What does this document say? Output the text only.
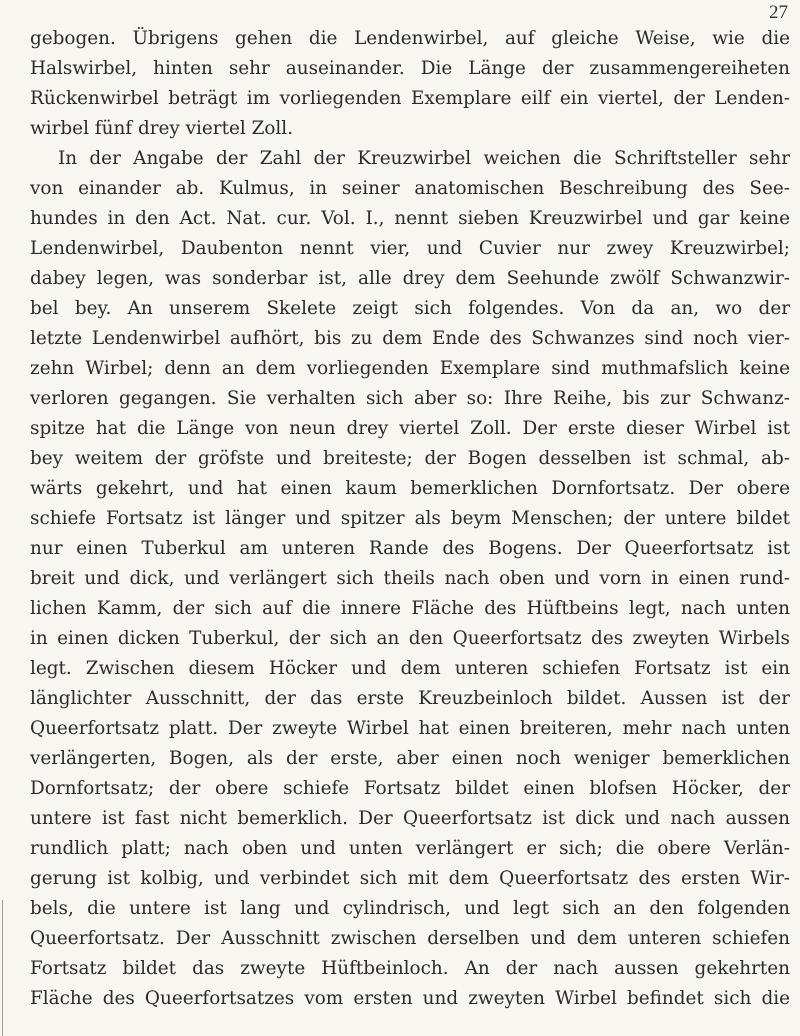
27
gebogen. Übrigens gehen die Lendenwirbel, auf gleiche Weise, wie die
Halswirbel, hinten sehr auseinander. Die Länge der zusammengereiheten
Rückenwirbel beträgt im vorliegenden Exemplare eilf ein viertel, der Lenden-
wirbel fünf drey viertel Zoll.
In der Angabe der Zahl der Kreuzwirbel weichen die Schriftsteller sehr
von einander ab. Kulmus, in seiner anatomischen Beschreibung des See-
hundes in den Act. Nat. cur. Vol. I., nennt sieben Kreuzwirbel und gar keine
Lendenwirbel, Daubenton nennt vier, und Cuvier nur zwey Kreuzwirbel;
dabey legen, was sonderbar ist, alle drey dem Seehunde zwölf Schwanzwir-
bel bey. An unserem Skelete zeigt sich folgendes. Von da an, wo der
letzte Lendenwirbel aufhört, bis zu dem Ende des Schwanzes sind noch vier-
zehn Wirbel; denn an dem vorliegenden Exemplare sind muthmafslich keine
verloren gegangen. Sie verhalten sich aber so: Ihre Reihe, bis zur Schwanz-
spitze hat die Länge von neun drey viertel Zoll. Der erste dieser Wirbel ist
bey weitem der gröfste und breiteste; der Bogen desselben ist schmal, ab-
wärts gekehrt, und hat einen kaum bemerklichen Dornfortsatz. Der obere
schiefe Fortsatz ist länger und spitzer als beym Menschen; der untere bildet
nur einen Tuberkul am unteren Rande des Bogens. Der Queerfortsatz ist
breit und dick, und verlängert sich theils nach oben und vorn in einen rund-
lichen Kamm, der sich auf die innere Fläche des Hüftbeins legt, nach unten
in einen dicken Tuberkul, der sich an den Queerfortsatz des zweyten Wirbels
legt. Zwischen diesem Höcker und dem unteren schiefen Fortsatz ist ein
länglichter Ausschnitt, der das erste Kreuzbeinloch bildet. Aussen ist der
Queerfortsatz platt. Der zweyte Wirbel hat einen breiteren, mehr nach unten
verlängerten, Bogen, als der erste, aber einen noch weniger bemerklichen
Dornfortsatz; der obere schiefe Fortsatz bildet einen blofsen Höcker, der
untere ist fast nicht bemerklich. Der Queerfortsatz ist dick und nach aussen
rundlich platt; nach oben und unten verlängert er sich; die obere Verlän-
gerung ist kolbig, und verbindet sich mit dem Queerfortsatz des ersten Wir-
bels, die untere ist lang und cylindrisch, und legt sich an den folgenden
Queerfortsatz. Der Ausschnitt zwischen derselben und dem unteren schiefen
Fortsatz bildet das zweyte Hüftbeinloch. An der nach aussen gekehrten
Fläche des Queerfortsatzes vom ersten und zweyten Wirbel befindet sich die
